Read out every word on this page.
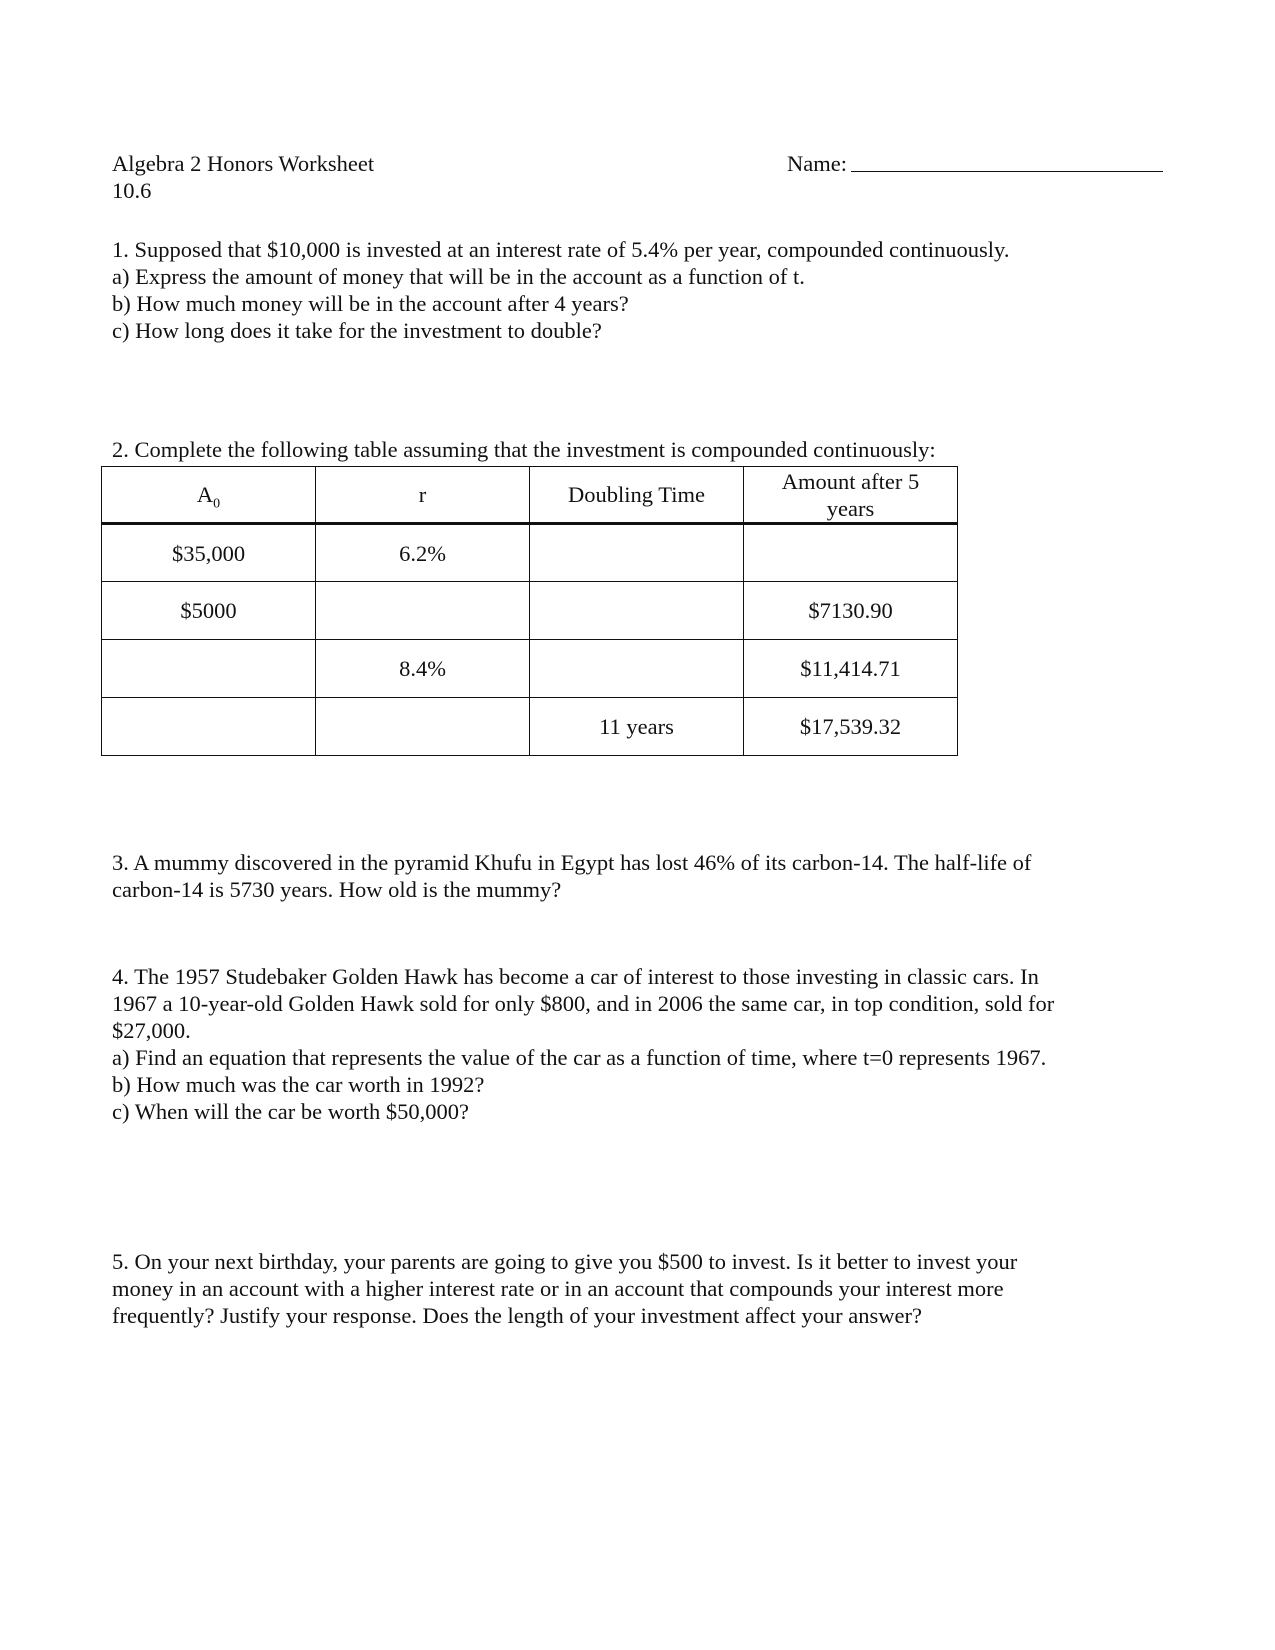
Algebra 2 Honors Worksheet
10.6
Name:
1. Supposed that $10,000 is invested at an interest rate of 5.4% per year, compounded continuously.
a) Express the amount of money that will be in the account as a function of t.
b) How much money will be in the account after 4 years?
c) How long does it take for the investment to double?
2. Complete the following table assuming that the investment is compounded continuously:
$A_0$	r	Doubling Time	Amount after 5
years

$35,000	6.2%		
$5000			$7130.90
	8.4%		$11,414.71
		11 years	$17,539.32
3. A mummy discovered in the pyramid Khufu in Egypt has lost 46% of its carbon-14. The half-life of
carbon-14 is 5730 years. How old is the mummy?
4. The 1957 Studebaker Golden Hawk has become a car of interest to those investing in classic cars. In
1967 a 10-year-old Golden Hawk sold for only $800, and in 2006 the same car, in top condition, sold for
$27,000.
a) Find an equation that represents the value of the car as a function of time, where t=0 represents 1967.
b) How much was the car worth in 1992?
c) When will the car be worth $50,000?
5. On your next birthday, your parents are going to give you $500 to invest. Is it better to invest your
money in an account with a higher interest rate or in an account that compounds your interest more
frequently? Justify your response. Does the length of your investment affect your answer?
